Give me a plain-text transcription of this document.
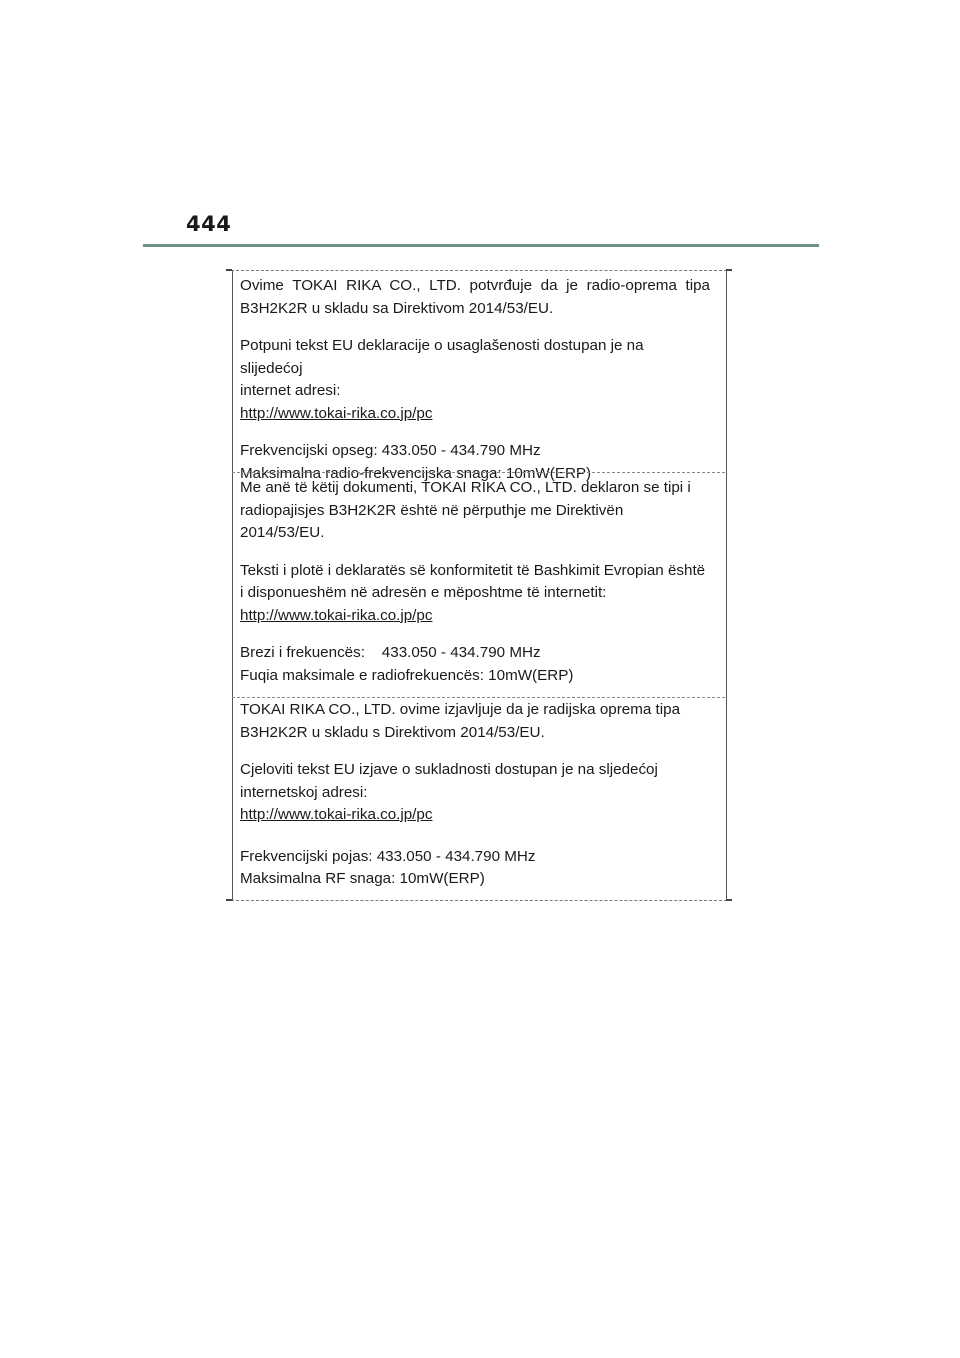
444

Ovime TOKAI RIKA CO., LTD. potvrđuje da je radio-oprema tipa

B3H2K2R u skladu sa Direktivom 2014/53/EU.

Potpuni tekst EU deklaracije o usaglašenosti dostupan je na slijedećoj

internet adresi:

http://www.tokai-rika.co.jp/pc

Frekvencijski opseg: 433.050 - 434.790 MHz

Maksimalna radio-frekvencijska snaga: 10mW(ERP)

Me anë të këtij dokumenti, TOKAI RIKA CO., LTD. deklaron se tipi i

radiopajisjes B3H2K2R është në përputhje me Direktivën

2014/53/EU.

Teksti i plotë i deklaratës së konformitetit të Bashkimit Evropian është

i disponueshëm në adresën e mëposhtme të internetit:

http://www.tokai-rika.co.jp/pc

Brezi i frekuencës:    433.050 - 434.790 MHz

Fuqia maksimale e radiofrekuencës: 10mW(ERP)

TOKAI RIKA CO., LTD. ovime izjavljuje da je radijska oprema tipa

B3H2K2R u skladu s Direktivom 2014/53/EU.

Cjeloviti tekst EU izjave o sukladnosti dostupan je na sljedećoj

internetskoj adresi:

http://www.tokai-rika.co.jp/pc

Frekvencijski pojas: 433.050 - 434.790 MHz

Maksimalna RF snaga: 10mW(ERP)
